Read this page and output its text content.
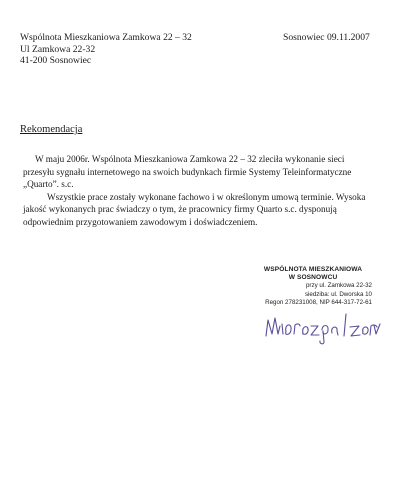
Wspólnota Mieszkaniowa Zamkowa 22 – 32
Ul Zamkowa 22-32
41-200 Sosnowiec
Sosnowiec 09.11.2007
Rekomendacja
W maju 2006r. Wspólnota Mieszkaniowa Zamkowa 22 – 32 zleciła wykonanie sieci
przesyłu sygnału internetowego na swoich budynkach firmie Systemy Teleinformatyczne
„Quarto”. s.c.
Wszystkie prace zostały wykonane fachowo i w określonym umową terminie. Wysoka
jakość wykonanych prac świadczy o tym, że pracownicy firmy Quarto s.c. dysponują
odpowiednim przygotowaniem zawodowym i doświadczeniem.
WSPÓLNOTA MIESZKANIOWA
W SOSNOWCU
przy ul. Zamkowa 22-32
siedziba: ul. Dworska 10
Regon 278231008, NIP 644-317-72-61
